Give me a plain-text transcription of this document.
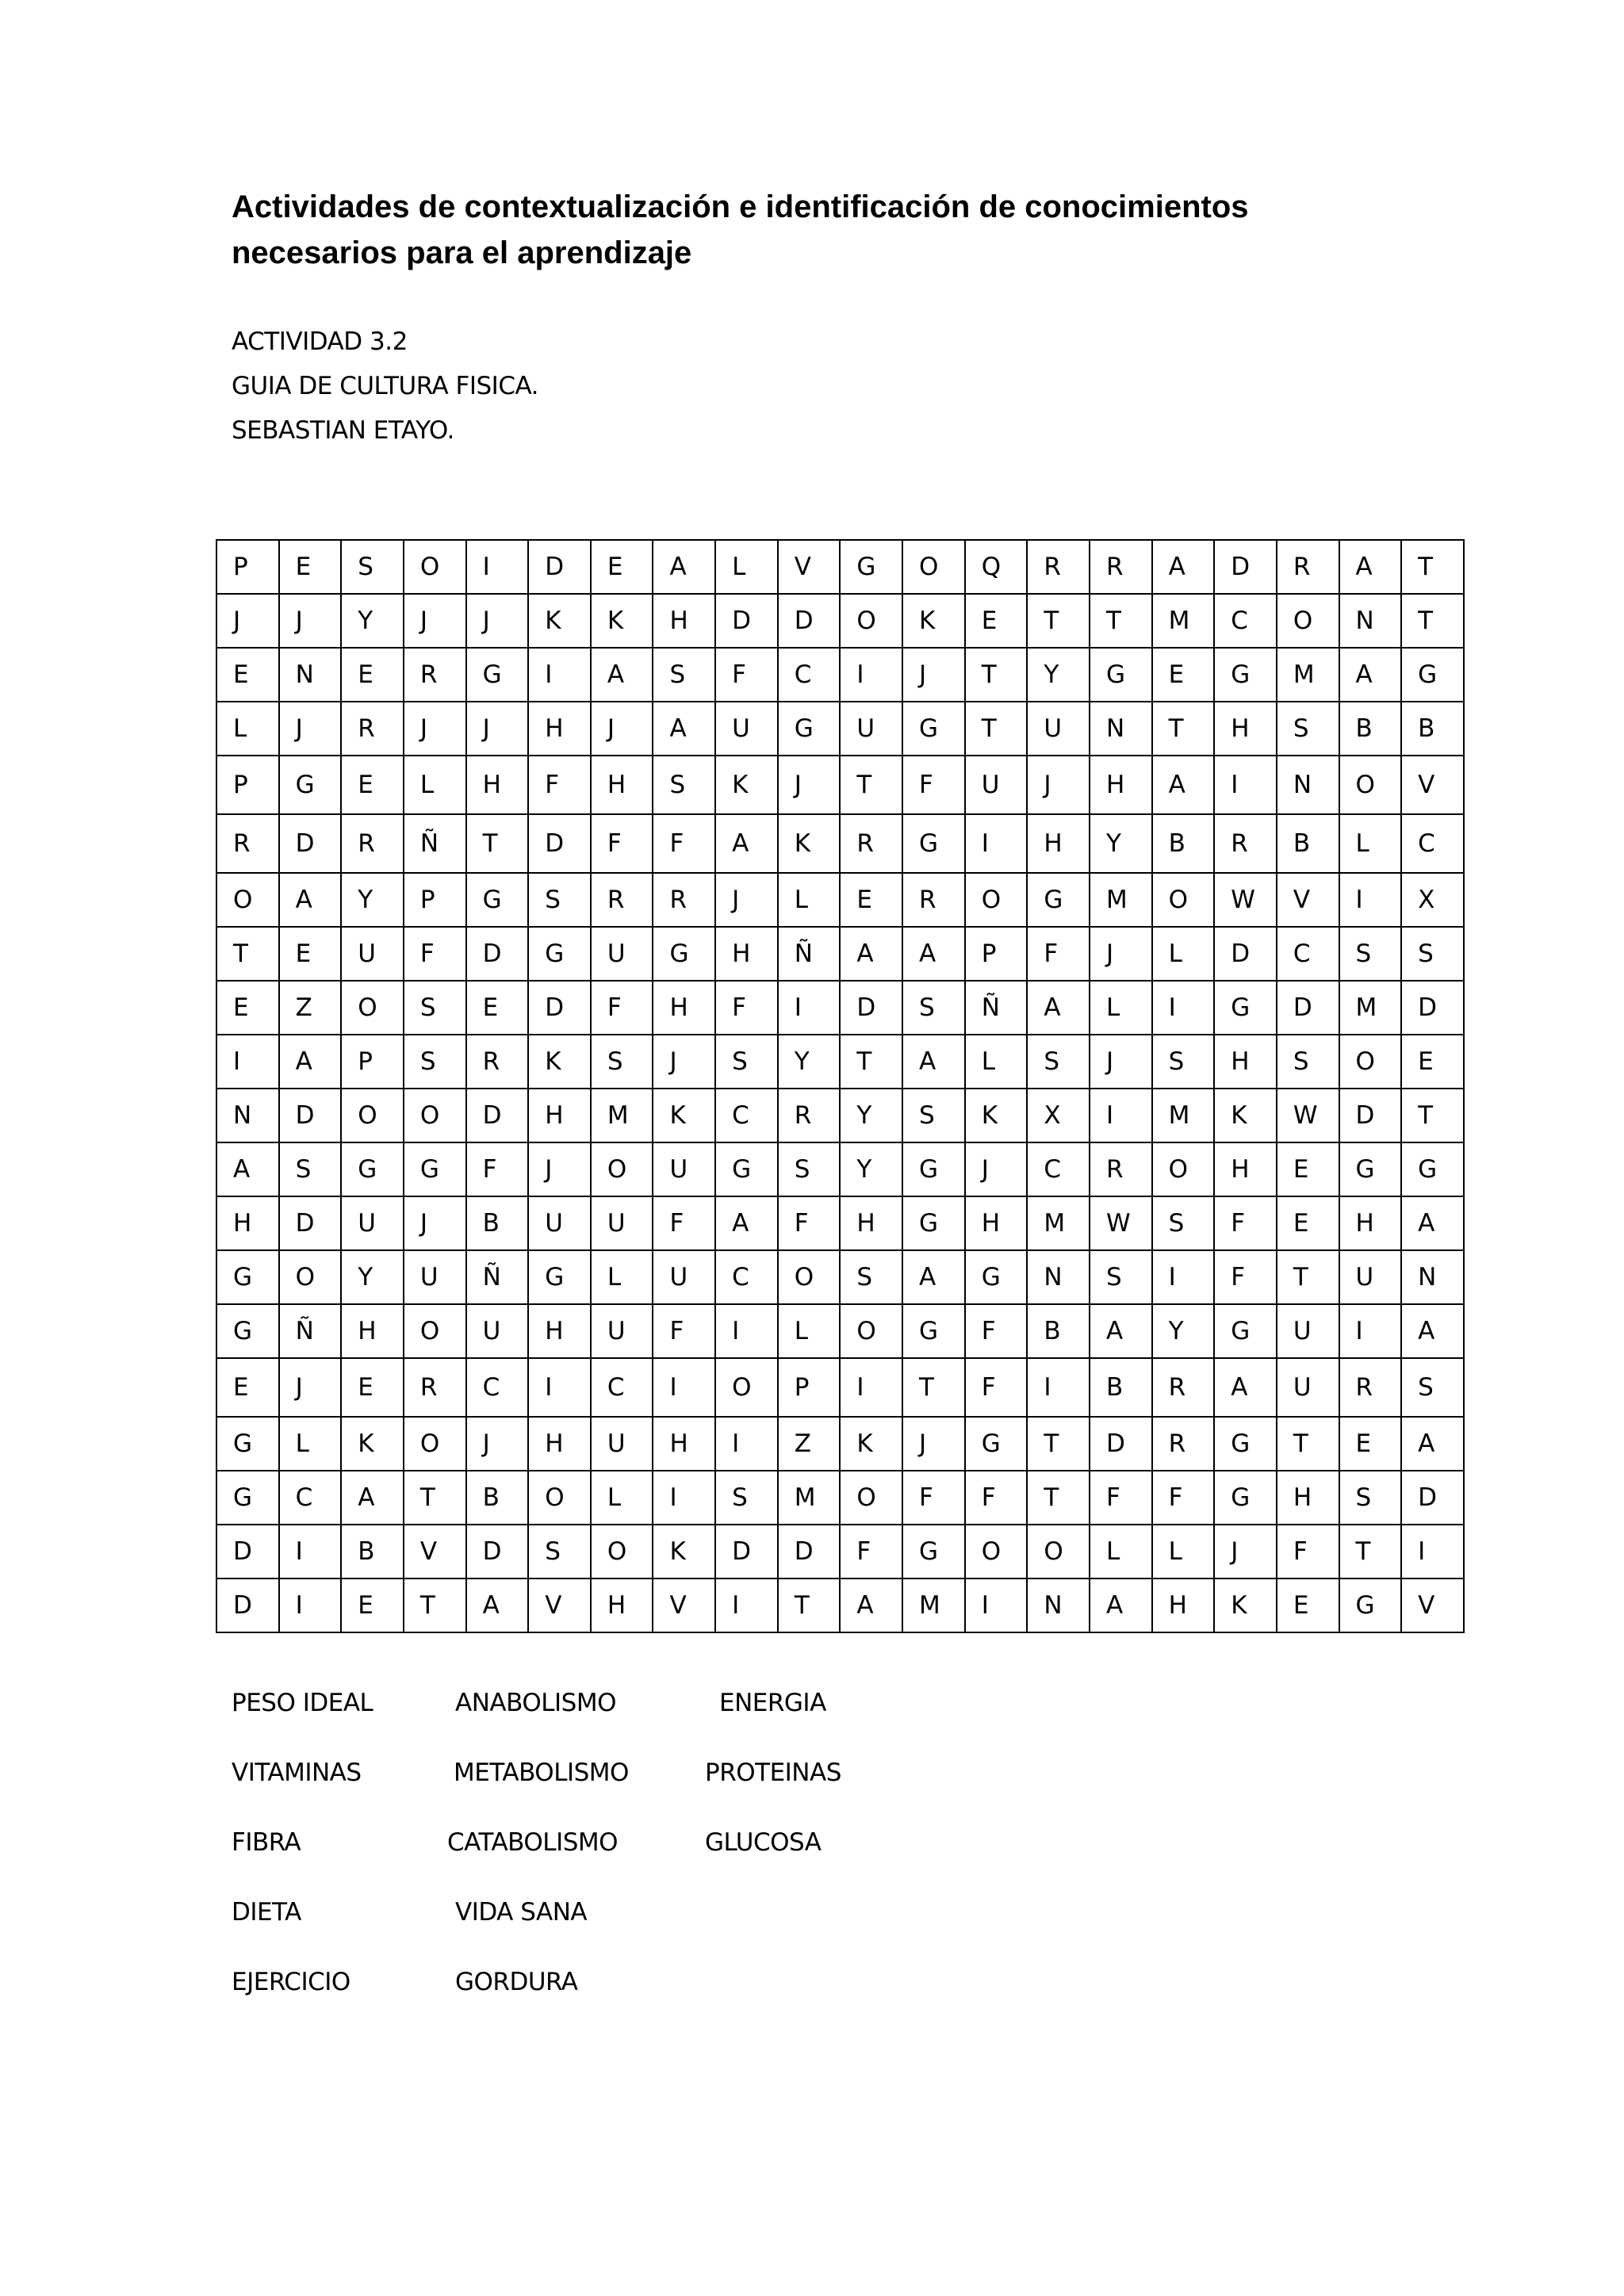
Actividades de contextualización e identificación de conocimientos necesarios para el aprendizaje
ACTIVIDAD 3.2
GUIA DE CULTURA FISICA.
SEBASTIAN ETAYO.
P	E	S	O	I	D	E	A	L	V	G	O	Q	R	R	A	D	R	A	T
J	J	Y	J	J	K	K	H	D	D	O	K	E	T	T	M	C	O	N	T
E	N	E	R	G	I	A	S	F	C	I	J	T	Y	G	E	G	M	A	G
L	J	R	J	J	H	J	A	U	G	U	G	T	U	N	T	H	S	B	B
P	G	E	L	H	F	H	S	K	J	T	F	U	J	H	A	I	N	O	V
R	D	R	Ñ	T	D	F	F	A	K	R	G	I	H	Y	B	R	B	L	C
O	A	Y	P	G	S	R	R	J	L	E	R	O	G	M	O	W	V	I	X
T	E	U	F	D	G	U	G	H	Ñ	A	A	P	F	J	L	D	C	S	S
E	Z	O	S	E	D	F	H	F	I	D	S	Ñ	A	L	I	G	D	M	D
I	A	P	S	R	K	S	J	S	Y	T	A	L	S	J	S	H	S	O	E
N	D	O	O	D	H	M	K	C	R	Y	S	K	X	I	M	K	W	D	T
A	S	G	G	F	J	O	U	G	S	Y	G	J	C	R	O	H	E	G	G
H	D	U	J	B	U	U	F	A	F	H	G	H	M	W	S	F	E	H	A
G	O	Y	U	Ñ	G	L	U	C	O	S	A	G	N	S	I	F	T	U	N
G	Ñ	H	O	U	H	U	F	I	L	O	G	F	B	A	Y	G	U	I	A
E	J	E	R	C	I	C	I	O	P	I	T	F	I	B	R	A	U	R	S
G	L	K	O	J	H	U	H	I	Z	K	J	G	T	D	R	G	T	E	A
G	C	A	T	B	O	L	I	S	M	O	F	F	T	F	F	G	H	S	D
D	I	B	V	D	S	O	K	D	D	F	G	O	O	L	L	J	F	T	I
D	I	E	T	A	V	H	V	I	T	A	M	I	N	A	H	K	E	G	V
PESO IDEAL	ANABOLISMO	ENERGIA
VITAMINAS	METABOLISMO	PROTEINAS
FIBRA	CATABOLISMO	GLUCOSA
DIETA	VIDA SANA
EJERCICIO	GORDURA
